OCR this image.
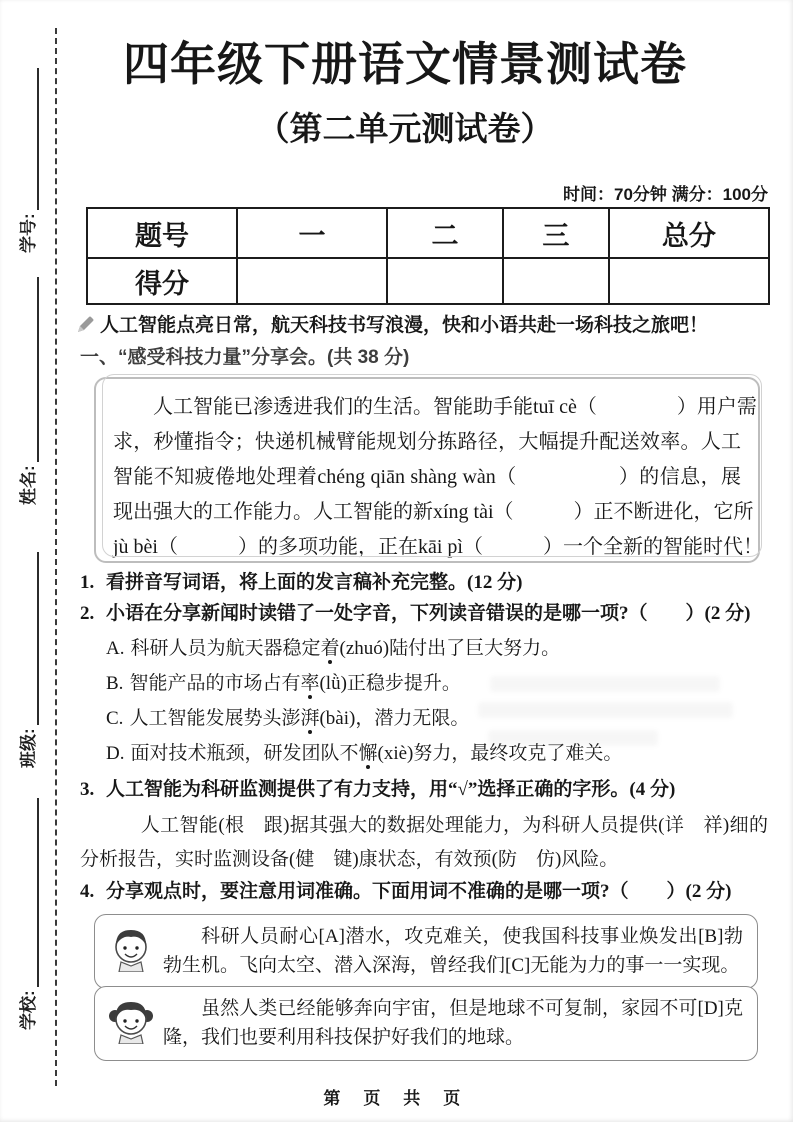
学号:
姓名:
班级:
学校:
四年级下册语文情景测试卷
（第二单元测试卷）
时间：70分钟 满分：100分
题号	一	二	三	总分
得分				
人工智能点亮日常，航天科技书写浪漫，快和小语共赴一场科技之旅吧！
一、“感受科技力量”分享会。(共 38 分)
人工智能已渗透进我们的生活。智能助手能tuī cè（　　　　）用户需
求，秒懂指令；快递机械臂能规划分拣路径，大幅提升配送效率。人工
智能不知疲倦地处理着chéng qiān shàng wàn（　　　　　）的信息，展
现出强大的工作能力。人工智能的新xíng tài（　　　）正不断进化，它所
jù bèi（　　　）的多项功能，正在kāi pì（　　　）一个全新的智能时代！
1. 看拼音写词语，将上面的发言稿补充完整。(12 分)
2. 小语在分享新闻时读错了一处字音，下列读音错误的是哪一项?（　　）(2 分)
A. 科研人员为航天器稳定着(zhuó)陆付出了巨大努力。
B. 智能产品的市场占有率(lǜ)正稳步提升。
C. 人工智能发展势头澎湃(bài)，潜力无限。
D. 面对技术瓶颈，研发团队不懈(xiè)努力，最终攻克了难关。
3. 人工智能为科研监测提供了有力支持，用“√”选择正确的字形。(4 分)
人工智能(根　跟)据其强大的数据处理能力，为科研人员提供(详　祥)细的分析报告，实时监测设备(健　键)康状态，有效预(防　仿)风险。
4. 分享观点时，要注意用词准确。下面用词不准确的是哪一项?（　　）(2 分)

科研人员耐心[A]潜水，攻克难关，使我国科技事业焕发出[B]勃勃生机。飞向太空、潜入深海，曾经我们[C]无能为力的事一一实现。

虽然人类已经能够奔向宇宙，但是地球不可复制，家园不可[D]克隆，我们也要利用科技保护好我们的地球。

第 页 共 页
